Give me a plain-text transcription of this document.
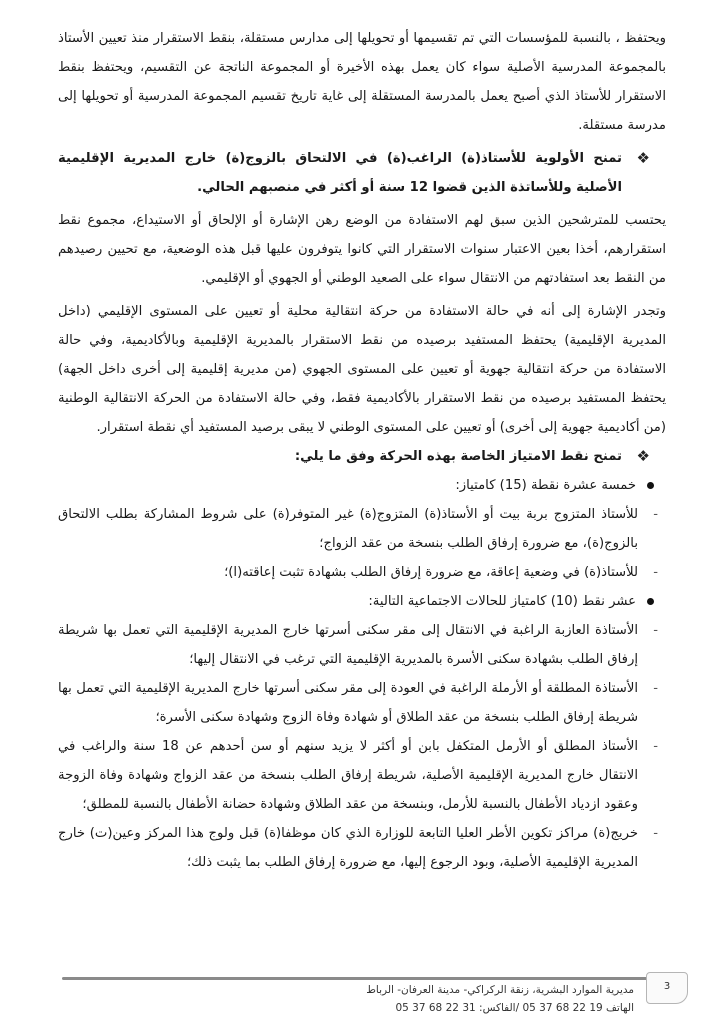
ويحتفظ ، بالنسبة للمؤسسات التي تم تقسيمها أو تحويلها إلى مدارس مستقلة، بنقط الاستقرار منذ تعيين الأستاذ بالمجموعة المدرسية الأصلية سواء كان يعمل بهذه الأخيرة أو المجموعة الناتجة عن التقسيم، ويحتفظ بنقط الاستقرار للأستاذ الذي أصبح يعمل بالمدرسة المستقلة إلى غاية تاريخ تقسيم المجموعة المدرسية أو تحويلها إلى مدرسة مستقلة.

❖
تمنح الأولوية للأستاذ(ة) الراغب(ة) في الالتحاق بالزوج(ة) خارج المديرية الإقليمية الأصلية وللأساتذة الذين قضوا 12 سنة أو أكثر في منصبهم الحالي.

يحتسب للمترشحين الذين سبق لهم الاستفادة من الوضع رهن الإشارة أو الإلحاق أو الاستيداع، مجموع نقط استقرارهم، أخذا بعين الاعتبار سنوات الاستقرار التي كانوا يتوفرون عليها قبل هذه الوضعية، مع تحيين رصيدهم من النقط بعد استفادتهم من الانتقال سواء على الصعيد الوطني أو الجهوي أو الإقليمي.

وتجدر الإشارة إلى أنه في حالة الاستفادة من حركة انتقالية محلية أو تعيين على المستوى الإقليمي (داخل المديرية الإقليمية) يحتفظ المستفيد برصيده من نقط الاستقرار بالمديرية الإقليمية وبالأكاديمية، وفي حالة الاستفادة من حركة انتقالية جهوية أو تعيين على المستوى الجهوي (من مديرية إقليمية إلى أخرى داخل الجهة) يحتفظ المستفيد برصيده من نقط الاستقرار بالأكاديمية فقط، وفي حالة الاستفادة من الحركة الانتقالية الوطنية (من أكاديمية جهوية إلى أخرى) أو تعيين على المستوى الوطني لا يبقى برصيد المستفيد أي نقطة استقرار.

❖
تمنح نقط الامتياز الخاصة بهذه الحركة وفق ما يلي:
خمسة عشرة نقطة (15) كامتياز:
-
للأستاذ المتزوج بربة بيت أو الأستاذ(ة) المتزوج(ة) غير المتوفر(ة) على شروط المشاركة بطلب الالتحاق بالزوج(ة)، مع ضرورة إرفاق الطلب بنسخة من عقد الزواج؛
-
للأستاذ(ة) في وضعية إعاقة، مع ضرورة إرفاق الطلب بشهادة تثبت إعاقته(ا)؛
عشر نقط (10) كامتياز للحالات الاجتماعية التالية:
-
الأستاذة العازبة الراغبة في الانتقال إلى مقر سكنى أسرتها خارج المديرية الإقليمية التي تعمل بها شريطة إرفاق الطلب بشهادة سكنى الأسرة بالمديرية الإقليمية التي ترغب في الانتقال إليها؛
-
الأستاذة المطلقة أو الأرملة الراغبة في العودة إلى مقر سكنى أسرتها خارج المديرية الإقليمية التي تعمل بها شريطة إرفاق الطلب بنسخة من عقد الطلاق أو شهادة وفاة الزوج وشهادة سكنى الأسرة؛
-
الأستاذ المطلق أو الأرمل المتكفل بابن أو أكثر لا يزيد سنهم أو سن أحدهم عن 18 سنة والراغب في الانتقال خارج المديرية الإقليمية الأصلية، شريطة إرفاق الطلب بنسخة من عقد الزواج وشهادة وفاة الزوجة وعقود ازدياد الأطفال بالنسبة للأرمل، وبنسخة من عقد الطلاق وشهادة حضانة الأطفال بالنسبة للمطلق؛
-
خريج(ة) مراكز تكوين الأطر العليا التابعة للوزارة الذي كان موظفا(ة) قبل ولوج هذا المركز وعين(ت) خارج المديرية الإقليمية الأصلية، وبود الرجوع إليها، مع ضرورة إرفاق الطلب بما يثبت ذلك؛
مديرية الموارد البشرية، زنقة الركراكي- مدينة العرفان- الرباط
الهاتف 19 22 68 37 05 /الفاكس: 31 22 68 37 05
3
